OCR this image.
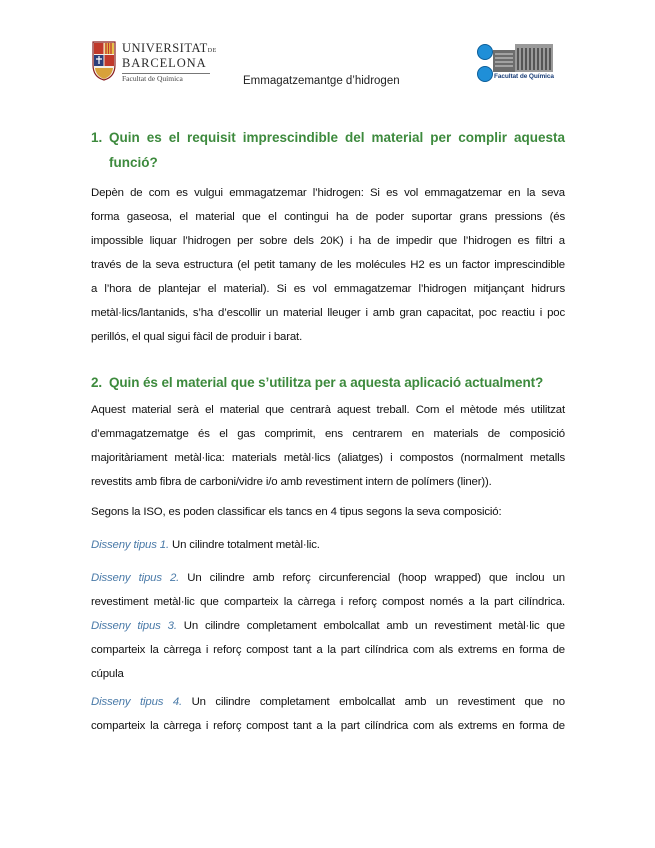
UNIVERSITATDE
BARCELONA
Facultat de Química	Emmagatzemantge d’hidrogen	Facultat de Química
1. Quin es el requisit imprescindible del material per complir aquesta
funció?
Depèn de com es vulgui emmagatzemar l’hidrogen: Si es vol emmagatzemar en la seva
forma gaseosa, el material que el contingui ha de poder suportar grans pressions (és
impossible liquar l’hidrogen per sobre dels 20K) i ha de impedir que l’hidrogen es filtri a
través de la seva estructura (el petit tamany de les molécules H2 es un factor imprescindible
a l’hora de plantejar el material). Si es vol emmagatzemar l’hidrogen mitjançant hidrurs
metàl·lics/lantanids, s’ha d’escollir un material lleuger i amb gran capacitat, poc reactiu i poc
perillós, el qual sigui fàcil de produir i barat.
2. Quin és el material que s’utilitza per a aquesta aplicació actualment?
Aquest material serà el material que centrarà aquest treball. Com el mètode més utilitzat
d’emmagatzematge és el gas comprimit, ens centrarem en materials de composició
majoritàriament metàl·lica: materials metàl·lics (aliatges) i compostos (normalment metalls
revestits amb fibra de carboni/vidre i/o amb revestiment intern de polímers (liner)).
Segons la ISO, es poden classificar els tancs en 4 tipus segons la seva composició:
Disseny tipus 1. Un cilindre totalment metàl·lic.
Disseny tipus 2. Un cilindre amb reforç circunferencial (hoop wrapped) que inclou un
revestiment metàl·lic que comparteix la càrrega i reforç compost només a la part cilíndrica.
Disseny tipus 3. Un cilindre completament embolcallat amb un revestiment metàl·lic que
comparteix la càrrega i reforç compost tant a la part cilíndrica com als extrems en forma de
cúpula
Disseny tipus 4. Un cilindre completament embolcallat amb un revestiment que no
comparteix la càrrega i reforç compost tant a la part cilíndrica com als extrems en forma de
